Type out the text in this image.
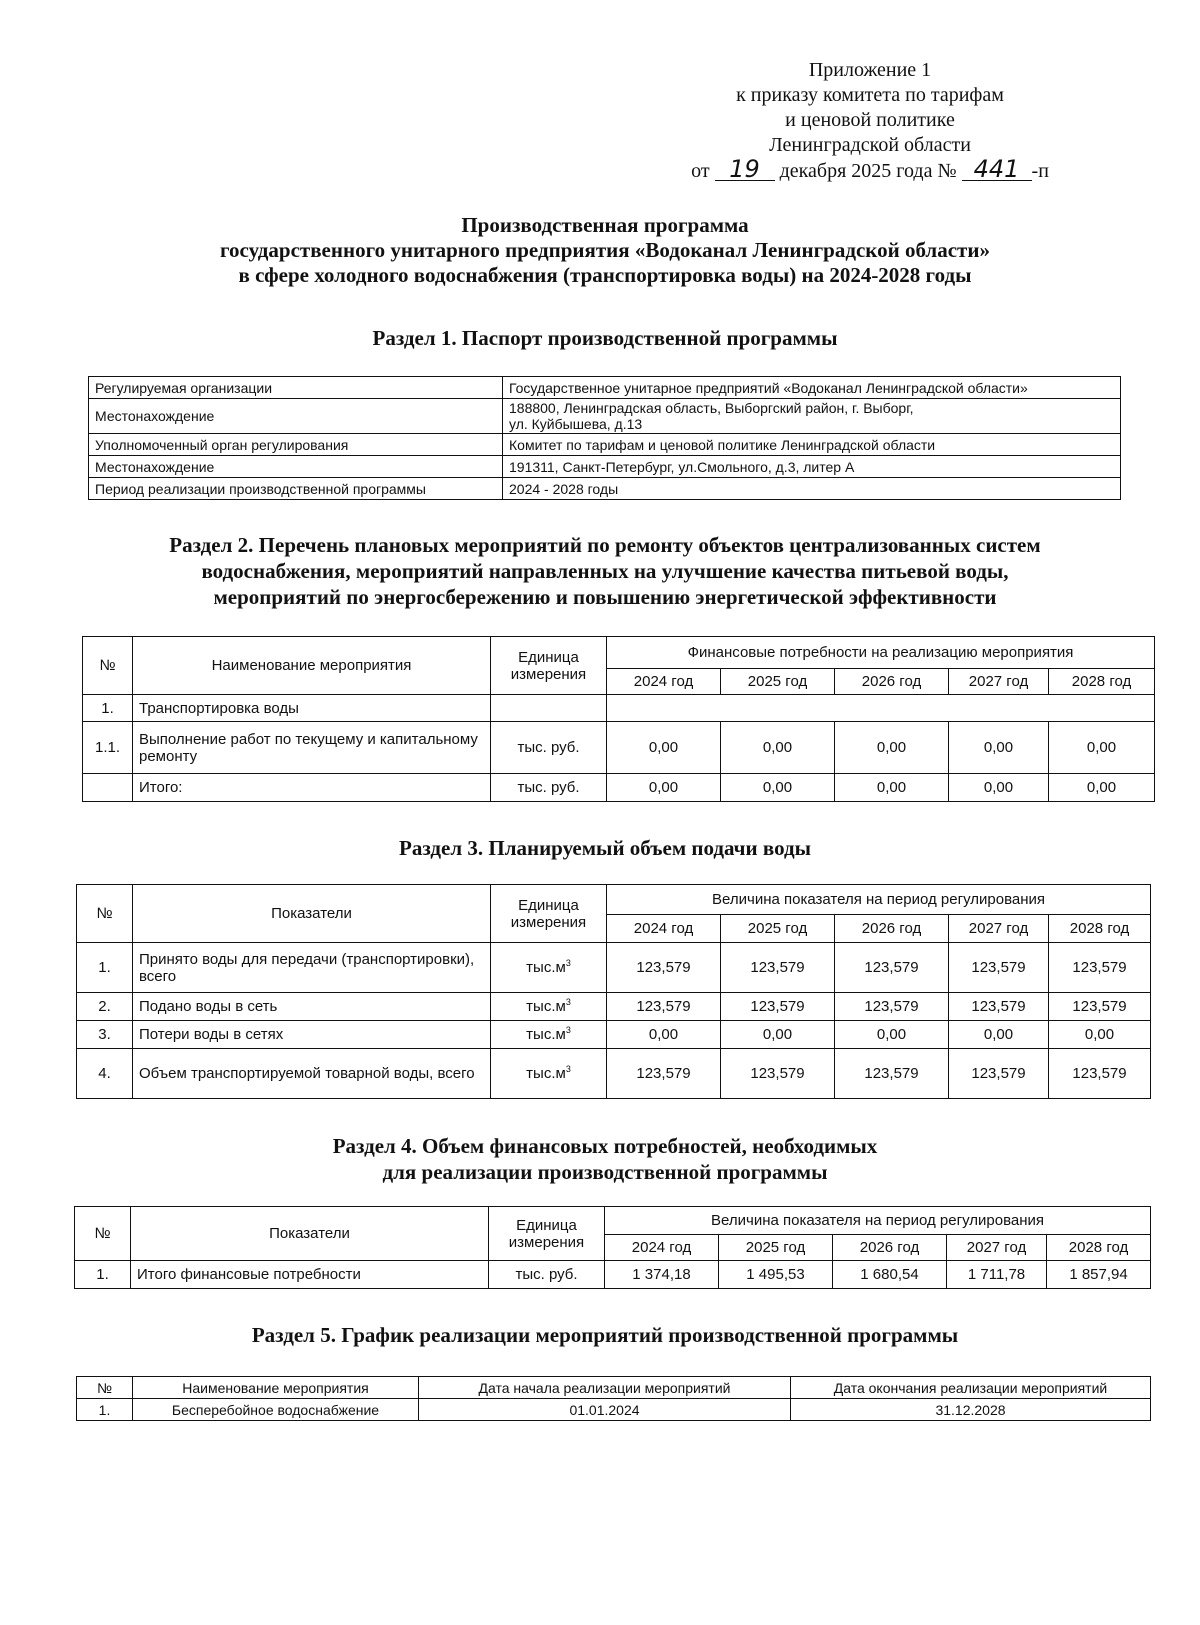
Приложение 1
к приказу комитета по тарифам
и ценовой политике
Ленинградской области
от 19 декабря 2025 года № 441 -п
Производственная программа
государственного унитарного предприятия «Водоканал Ленинградской области»
в сфере холодного водоснабжения (транспортировка воды) на 2024-2028 годы
Раздел 1. Паспорт производственной программы
Регулируемая организации	Государственное унитарное предприятий «Водоканал Ленинградской области»
Местонахождение	188800, Ленинградская область, Выборгский район, г. Выборг,
ул. Куйбышева, д.13

Уполномоченный орган регулирования	Комитет по тарифам и ценовой политике Ленинградской области
Местонахождение	191311, Санкт-Петербург, ул.Смольного, д.3, литер А
Период реализации производственной программы	2024 - 2028 годы
Раздел 2. Перечень плановых мероприятий по ремонту объектов централизованных систем
водоснабжения, мероприятий направленных на улучшение качества питьевой воды,
мероприятий по энергосбережению и повышению энергетической эффективности
№	Наименование мероприятия	Единица измерения	Финансовые потребности на реализацию мероприятия				
			2024 год	2025 год	2026 год	2027 год	2028 год
1.	Транспортировка воды						
1.1.	Выполнение работ по текущему и капитальному ремонту	тыс. руб.	0,00	0,00	0,00	0,00	0,00
	Итого:	тыс. руб.	0,00	0,00	0,00	0,00	0,00
Раздел 3. Планируемый объем подачи воды
№	Показатели	Единица измерения	Величина показателя на период регулирования				
			2024 год	2025 год	2026 год	2027 год	2028 год
1.	Принято воды для передачи (транспортировки), всего	$тыс.м^3$	123,579	123,579	123,579	123,579	123,579
2.	Подано воды в сеть	$тыс.м^3$	123,579	123,579	123,579	123,579	123,579
3.	Потери воды в сетях	$тыс.м^3$	0,00	0,00	0,00	0,00	0,00
4.	Объем транспортируемой товарной воды, всего	$тыс.м^3$	123,579	123,579	123,579	123,579	123,579
Раздел 4. Объем финансовых потребностей, необходимых
для реализации производственной программы
№	Показатели	Единица измерения	Величина показателя на период регулирования				
			2024 год	2025 год	2026 год	2027 год	2028 год
1.	Итого финансовые потребности	тыс. руб.	1 374,18	1 495,53	1 680,54	1 711,78	1 857,94
Раздел 5. График реализации мероприятий производственной программы
№	Наименование мероприятия	Дата начала реализации мероприятий	Дата окончания реализации мероприятий
1.	Бесперебойное водоснабжение	01.01.2024	31.12.2028
